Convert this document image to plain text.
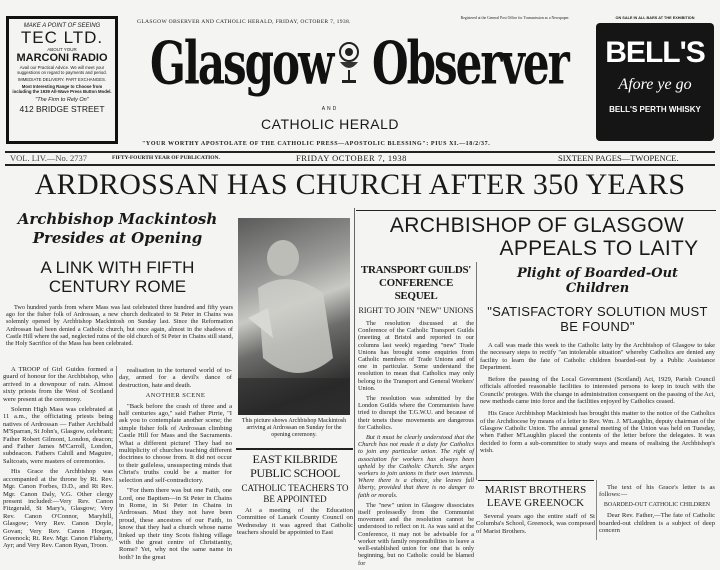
MAKE A POINT OF SEEING
TEC LTD.
ABOUT YOUR
MARCONI RADIO
Avail our Practical Advice. We will meet your suggestions on regard to payments and period.
IMMEDIATE DELIVERY. PART EXCHANGES.
Most Interesting Range to Choose from including the 1939 All-Wave Press Button Model.
"The Firm to Rely On"
412 BRIDGE STREET
GLASGOW OBSERVER AND CATHOLIC HERALD, FRIDAY, OCTOBER 7, 1938.
Registered at the General Post Office for Transmission as a Newspaper.
Glasgow Observer
AND
CATHOLIC HERALD
"YOUR WORTHY APOSTOLATE OF THE CATHOLIC PRESS—APOSTOLIC BLESSING": PIUS XI.—18/2/37.
ON SALE IN ALL BARS AT THE EXHIBITION
BELL'S
Afore ye go
BELL'S PERTH WHISKY
VOL. LIV.—No. 2737	FIFTY-FOURTH YEAR OF PUBLICATION.	FRIDAY OCTOBER 7, 1938	SIXTEEN PAGES—TWOPENCE.
ARDROSSAN HAS CHURCH AFTER 350 YEARS
Archbishop Mackintosh
Presides at Opening
A LINK WITH FIFTH
CENTURY ROME

Two hundred yards from where Mass was last celebrated three hundred and fifty years ago for the fisher folk of Ardrossan, a new church dedicated to St Peter in Chains was solemnly opened by Archbishop Mackintosh on Sunday last. Since the Reformation Ardrossan had been denied a Catholic church, but once again, almost in the shadows of Castle Hill where the sad, neglected ruins of the old church of St Peter in Chains still stand, the Holy Sacrifice of the Mass has been celebrated.

A TROOP of Girl Guides formed a guard of honour for the Archbishop, who arrived in a downpour of rain. Almost sixty priests from the West of Scotland were present at the ceremony.

Solemn High Mass was celebrated at 11 a.m., the officiating priests being natives of Ardrossan — Father Archibald M'Sparran, St John's, Glasgow, celebrant; Father Robert Gilmont, London, deacon; and Father James M'Carroll, London, subdeacon. Fathers Cahill and Maguire, Saltcoats, were masters of ceremonies.

His Grace the Archbishop was accompanied at the throne by Rt. Rev. Mgr. Canon Forbes, D.D., and Rt Rev. Mgr. Canon Daly, V.G. Other clergy present included:—Very Rev. Canon Fitzgerald, St Mary's, Glasgow; Very Rev. Canon O'Connor, Maryhill, Glasgow; Very Rev. Canon Doyle, Govan; Very Rev. Canon Horgan, Greenock; Rt. Rev. Mgr. Canon Flaherty, Ayr; and Very Rev. Canon Ryan, Troon.

realisation in the tortured world of to-day, armed for a devil's dance of destruction, hate and death.

ANOTHER SCENE

"Back before the crash of three and a half centuries ago," said Father Pirrie, "I ask you to contemplate another scene; the simple fisher folk of Ardrossan climbing Castle Hill for Mass and the Sacraments. What a different picture! They had no multiplicity of churches teaching different doctrines to choose from. It did not occur to their guileless, unsuspecting minds that Christ's truths could be a matter for selection and self-contradictory.

"For them there was but one Faith, one Lord, one Baptism—in St Peter in Chains in Rome, in St Peter in Chains in Ardrossan. Must they not have been proud, these ancestors of our Faith, to know that they had a church whose name linked up their tiny Scots fishing village with the great centre of Christianity, Rome? Yet, why not the same name in both? In the great

This picture shows Archbishop Mackintosh arriving at Ardrossan on Sunday for the opening ceremony.
EAST KILBRIDE PUBLIC SCHOOL
CATHOLIC TEACHERS TO BE APPOINTED

At a meeting of the Education Committee of Lanark County Council on Wednesday it was agreed that Catholic teachers should be appointed to East

ARCHBISHOP OF GLASGOW
APPEALS TO LAITY
Plight of Boarded-Out Children
"SATISFACTORY SOLUTION MUST BE FOUND"

A call was made this week to the Catholic laity by the Archbishop of Glasgow to take the necessary steps to rectify "an intolerable situation" whereby Catholics are denied any facility to learn the fate of Catholic children boarded-out by a Public Assistance Department.

Before the passing of the Local Government (Scotland) Act, 1929, Parish Council officials afforded reasonable facilities to interested persons to keep in touch with the Councils' proteges. With the change in administration consequent on the passing of the Act, new methods came into force and the facilities enjoyed by Catholics ceased.

His Grace Archbishop Mackintosh has brought this matter to the notice of the Catholics of the Archdiocese by means of a letter to Rev. Wm. J. M'Laughlin, deputy chairman of the Glasgow Catholic Union. The annual general meeting of the Union was held on Tuesday, when Father M'Laughlin placed the contents of the letter before the delegates. It was decided to form a sub-committee to study ways and means of realising the Archbishop's wish.

MARIST BROTHERS LEAVE GREENOCK

Several years ago the entire staff of St Columba's School, Greenock, was composed of Marist Brothers.

The text of his Grace's letter is as follows:—

BOARDED-OUT CATHOLIC CHILDREN

Dear Rev. Father,—The fate of Catholic boarded-out children is a subject of deep concern

TRANSPORT GUILDS' CONFERENCE SEQUEL
RIGHT TO JOIN "NEW" UNIONS

The resolution discussed at the Conference of the Catholic Transport Guilds (meeting at Bristol and reported in our columns last week) regarding "new" Trade Unions has brought some enquiries from Catholic members of Trade Unions and of one in particular. Some understand the resolution to mean that Catholics may only belong to the Transport and General Workers' Union.

The resolution was submitted by the London Guilds where the Communists have tried to disrupt the T.G.W.U. and because of their tenets these movements are dangerous for Catholics.

But it must be clearly understood that the Church has not made it a duty for Catholics to join any particular union. The right of association for workers has always been upheld by the Catholic Church. She urges workers to join unions in their own interests. Where there is a choice, she leaves full liberty, provided that there is no danger to faith or morals.

The "new" union in Glasgow dissociates itself professedly from the Communist movement and the resolution cannot be understood to reflect on it. As was said at the Conference, it may not be advisable for a worker with family responsibilities to leave a well-established union for one that is only beginning, but no Catholic could be blamed for
